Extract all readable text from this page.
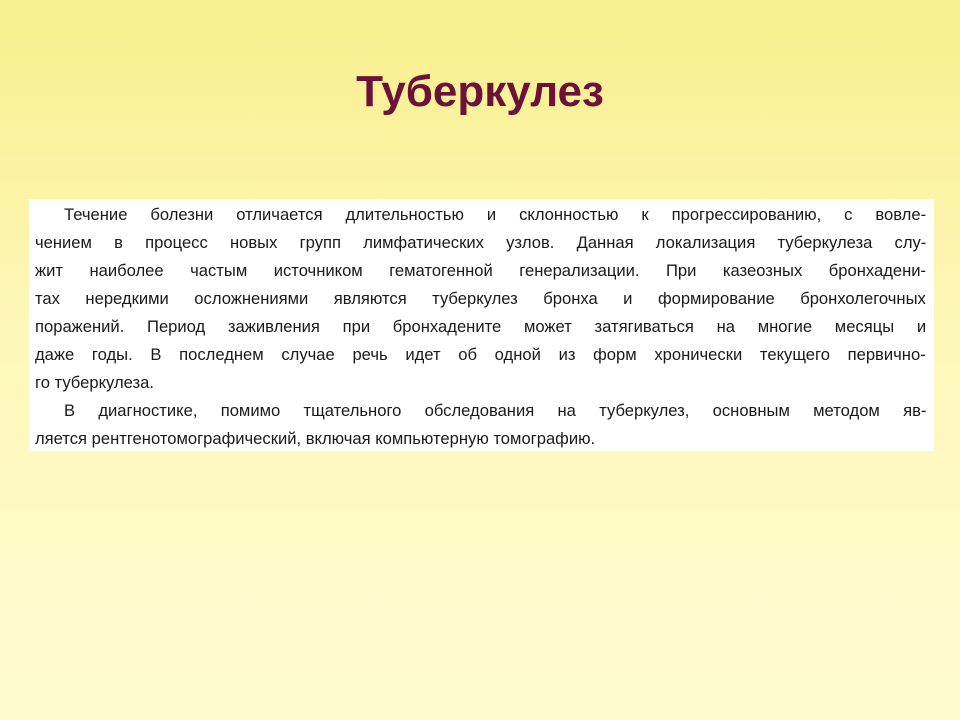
Туберкулез
Течение болезни отличается длительностью и склонностью к прогрессированию, с вовле-
чением в процесс новых групп лимфатических узлов. Данная локализация туберкулеза слу-
жит наиболее частым источником гематогенной генерализации. При казеозных бронхадени-
тах нередкими осложнениями являются туберкулез бронха и формирование бронхолегочных
поражений. Период заживления при бронхадените может затягиваться на многие месяцы и
даже годы. В последнем случае речь идет об одной из форм хронически текущего первично-
го туберкулеза.
В диагностике, помимо тщательного обследования на туберкулез, основным методом яв-
ляется рентгенотомографический, включая компьютерную томографию.
